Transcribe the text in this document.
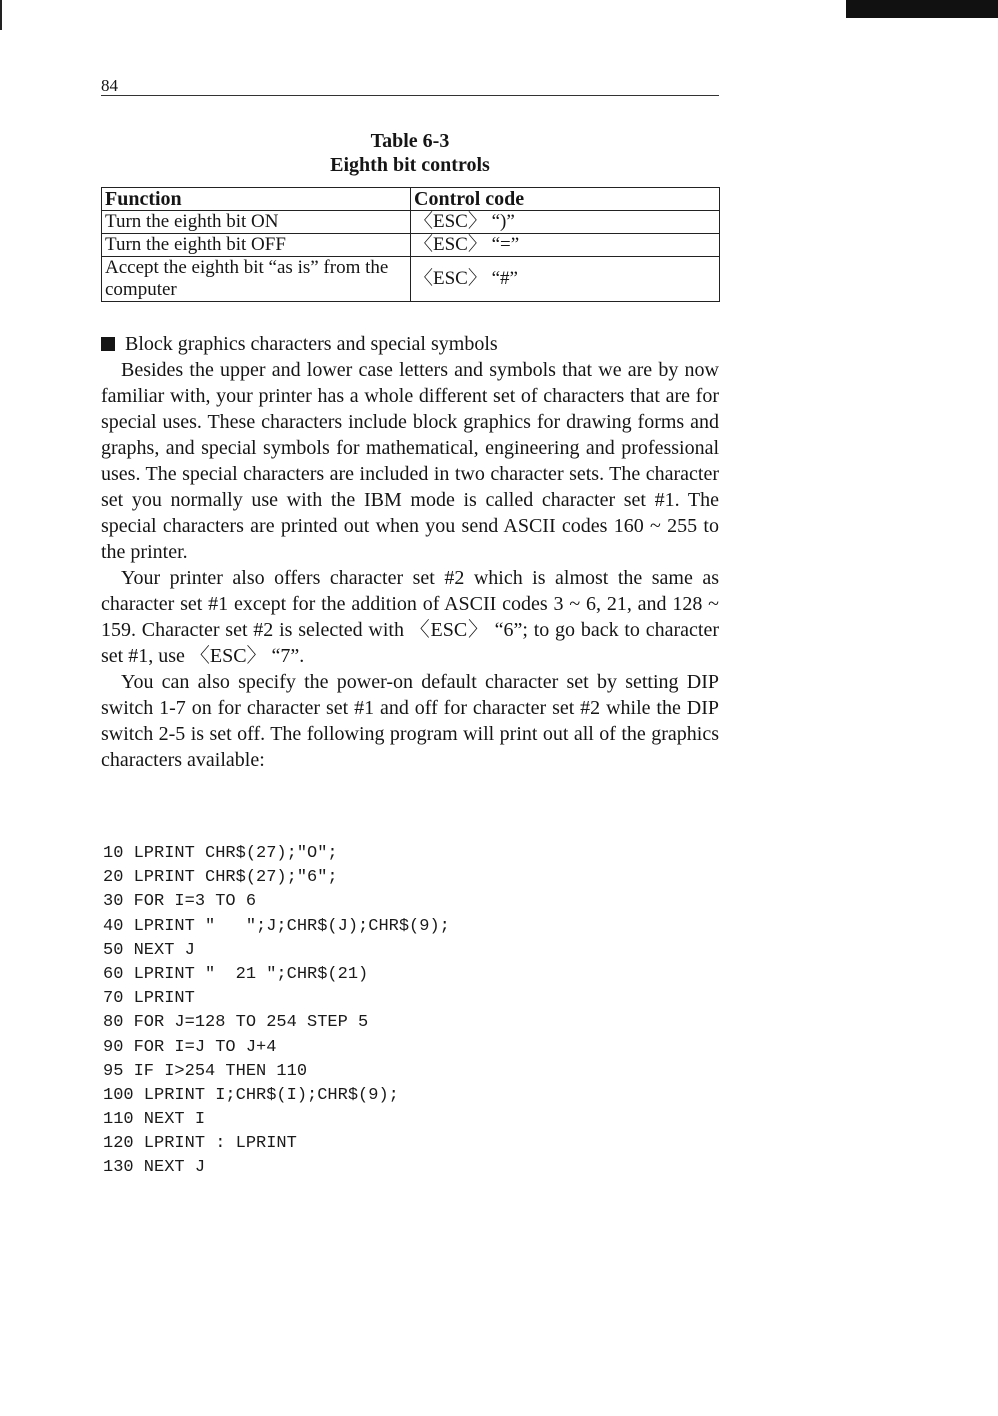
84
Table 6-3
Eighth bit controls
Function	Control code
Turn the eighth bit ON	〈ESC〉 “)”
Turn the eighth bit OFF	〈ESC〉 “=”
Accept the eighth bit “as is” from the computer	〈ESC〉 “#”
Block graphics characters and special symbols

Besides the upper and lower case letters and symbols that we are by now familiar with, your printer has a whole different set of characters that are for special uses. These characters include block graphics for drawing forms and graphs, and special symbols for mathematical, engineering and professional uses. The special characters are included in two character sets. The character set you normally use with the IBM mode is called character set #1. The special characters are printed out when you send ASCII codes 160 ~ 255 to the printer.

Your printer also offers character set #2 which is almost the same as character set #1 except for the addition of ASCII codes 3 ~ 6, 21, and 128 ~ 159. Character set #2 is selected with 〈ESC〉 “6”; to go back to character set #1, use 〈ESC〉 “7”.

You can also specify the power-on default character set by setting DIP switch 1-7 on for character set #1 and off for character set #2 while the DIP switch 2-5 is set off. The following program will print out all of the graphics characters available:

10 LPRINT CHR$(27);"O";
20 LPRINT CHR$(27);"6";
30 FOR I=3 TO 6
40 LPRINT "   ";J;CHR$(J);CHR$(9);
50 NEXT J
60 LPRINT "  21 ";CHR$(21)
70 LPRINT
80 FOR J=128 TO 254 STEP 5
90 FOR I=J TO J+4
95 IF I>254 THEN 110
100 LPRINT I;CHR$(I);CHR$(9);
110 NEXT I
120 LPRINT : LPRINT
130 NEXT J
